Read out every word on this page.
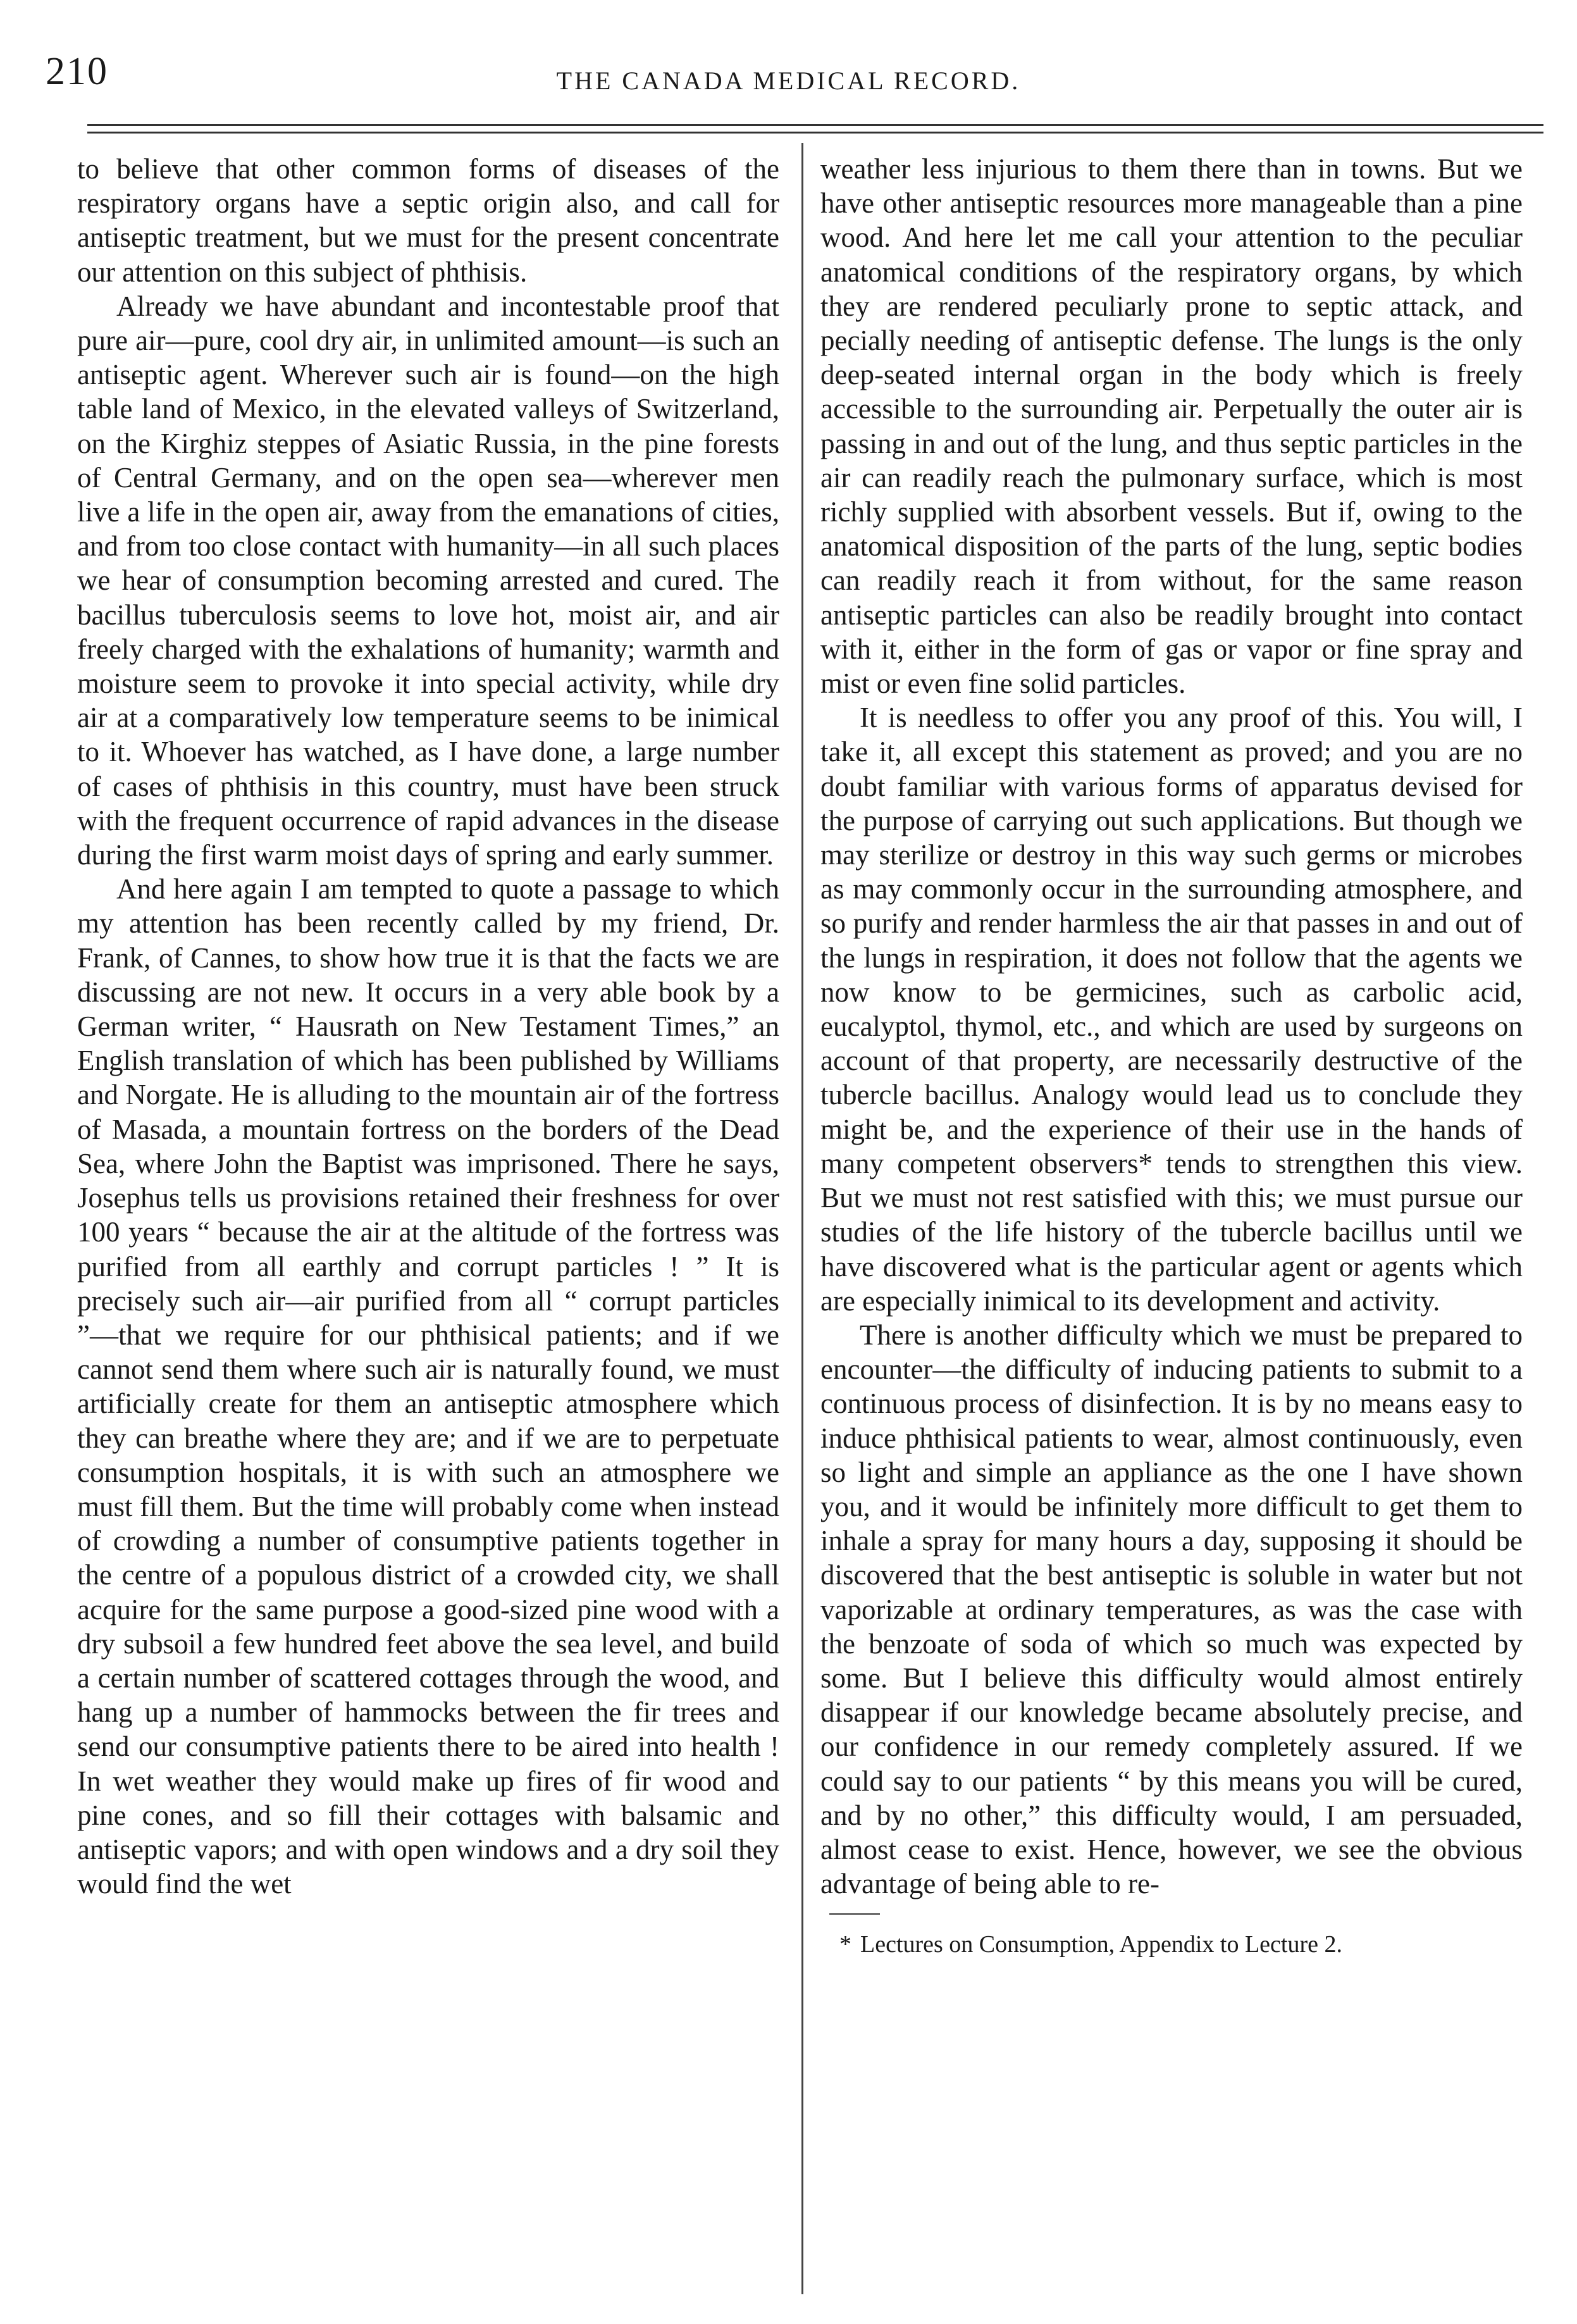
210	THE CANADA MEDICAL RECORD.

to believe that other common forms of diseases of the respiratory organs have a septic origin also, and call for antiseptic treatment, but we must for the present concentrate our attention on this subject of phthisis.

Already we have abundant and incontestable proof that pure air—pure, cool dry air, in unlimited amount—is such an antiseptic agent. Wherever such air is found—on the high table land of Mexico, in the elevated valleys of Switzerland, on the Kirghiz steppes of Asiatic Russia, in the pine forests of Central Germany, and on the open sea—wherever men live a life in the open air, away from the emanations of cities, and from too close contact with humanity—in all such places we hear of consumption becoming arrested and cured. The bacillus tuberculosis seems to love hot, moist air, and air freely charged with the exhalations of humanity; warmth and moisture seem to provoke it into special activity, while dry air at a comparatively low temperature seems to be inimical to it. Whoever has watched, as I have done, a large number of cases of phthisis in this country, must have been struck with the frequent occurrence of rapid advances in the disease during the first warm moist days of spring and early summer.

And here again I am tempted to quote a passage to which my attention has been recently called by my friend, Dr. Frank, of Cannes, to show how true it is that the facts we are discussing are not new. It occurs in a very able book by a German writer, “ Hausrath on New Testament Times,” an English translation of which has been published by Williams and Norgate. He is alluding to the mountain air of the fortress of Masada, a mountain fortress on the borders of the Dead Sea, where John the Baptist was imprisoned. There he says, Josephus tells us provisions retained their freshness for over 100 years “ because the air at the altitude of the fortress was purified from all earthly and corrupt particles ! ” It is precisely such air—air purified from all “ corrupt particles ”—that we require for our phthisical patients; and if we cannot send them where such air is naturally found, we must artificially create for them an antiseptic atmosphere which they can breathe where they are; and if we are to perpetuate consumption hospitals, it is with such an atmosphere we must fill them. But the time will probably come when instead of crowding a number of consumptive patients together in the centre of a populous district of a crowded city, we shall acquire for the same purpose a good-sized pine wood with a dry subsoil a few hundred feet above the sea level, and build a certain number of scattered cottages through the wood, and hang up a number of hammocks between the fir trees and send our consumptive patients there to be aired into health ! In wet weather they would make up fires of fir wood and pine cones, and so fill their cottages with balsamic and antiseptic vapors; and with open windows and a dry soil they would find the wet

weather less injurious to them there than in towns. But we have other antiseptic resources more manageable than a pine wood. And here let me call your attention to the peculiar anatomical conditions of the respiratory organs, by which they are rendered peculiarly prone to septic attack, and pecially needing of antiseptic defense. The lungs is the only deep-seated internal organ in the body which is freely accessible to the surrounding air. Perpetually the outer air is passing in and out of the lung, and thus septic particles in the air can readily reach the pulmonary surface, which is most richly supplied with absorbent vessels. But if, owing to the anatomical disposition of the parts of the lung, septic bodies can readily reach it from without, for the same reason antiseptic particles can also be readily brought into contact with it, either in the form of gas or vapor or fine spray and mist or even fine solid particles.

It is needless to offer you any proof of this. You will, I take it, all except this statement as proved; and you are no doubt familiar with various forms of apparatus devised for the purpose of carrying out such applications. But though we may sterilize or destroy in this way such germs or microbes as may commonly occur in the surrounding atmosphere, and so purify and render harmless the air that passes in and out of the lungs in respiration, it does not follow that the agents we now know to be germicines, such as carbolic acid, eucalyptol, thymol, etc., and which are used by surgeons on account of that property, are necessarily destructive of the tubercle bacillus. Analogy would lead us to conclude they might be, and the experience of their use in the hands of many competent observers* tends to strengthen this view. But we must not rest satisfied with this; we must pursue our studies of the life history of the tubercle bacillus until we have discovered what is the particular agent or agents which are especially inimical to its development and activity.

There is another difficulty which we must be prepared to encounter—the difficulty of inducing patients to submit to a continuous process of disinfection. It is by no means easy to induce phthisical patients to wear, almost continuously, even so light and simple an appliance as the one I have shown you, and it would be infinitely more difficult to get them to inhale a spray for many hours a day, supposing it should be discovered that the best antiseptic is soluble in water but not vaporizable at ordinary temperatures, as was the case with the benzoate of soda of which so much was expected by some. But I believe this difficulty would almost entirely disappear if our knowledge became absolutely precise, and our confidence in our remedy completely assured. If we could say to our patients “ by this means you will be cured, and by no other,” this difficulty would, I am persuaded, almost cease to exist. Hence, however, we see the obvious advantage of being able to re-

* Lectures on Consumption, Appendix to Lecture 2.
